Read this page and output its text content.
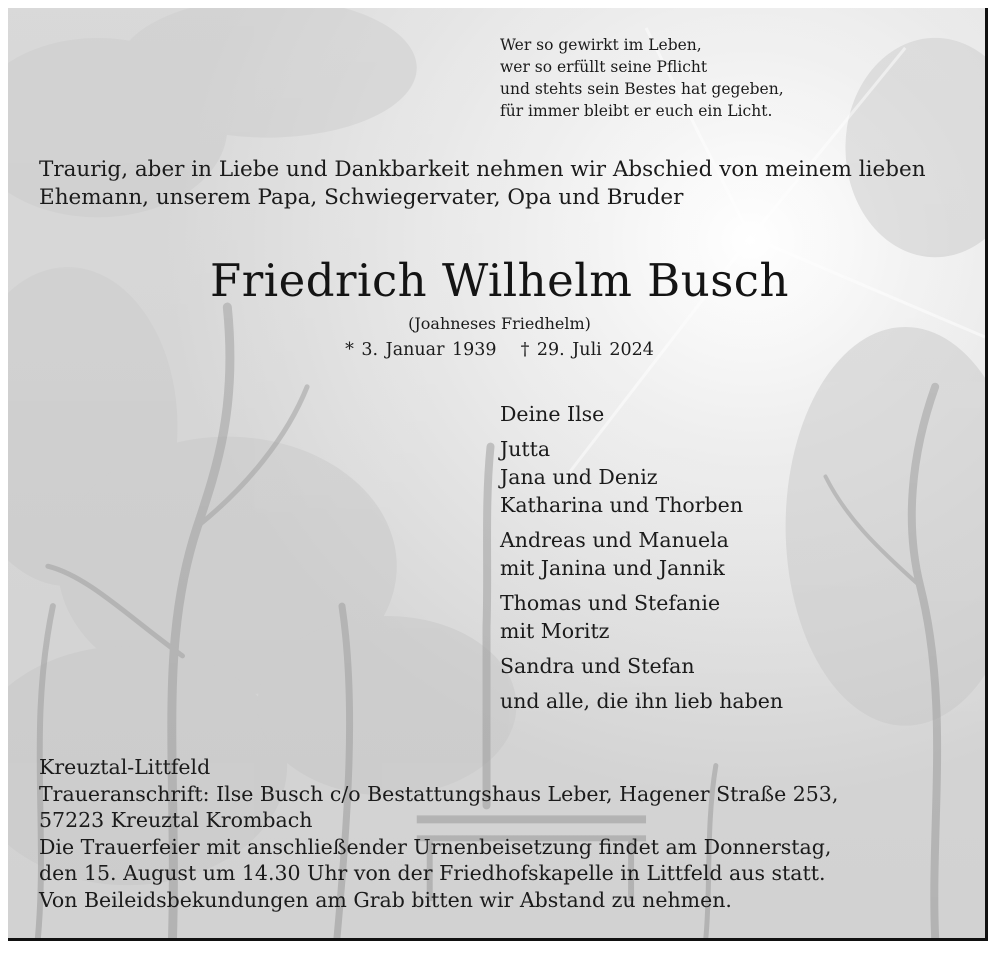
Wer so gewirkt im Leben,
wer so erfüllt seine Pflicht
und stehts sein Bestes hat gegeben,
für immer bleibt er euch ein Licht.
Traurig, aber in Liebe und Dankbarkeit nehmen wir Abschied von meinem lieben
Ehemann, unserem Papa, Schwiegervater, Opa und Bruder
Friedrich Wilhelm Busch
(Joahneses Friedhelm)
* 3. Januar 1939 † 29. Juli 2024
Deine Ilse
Jutta
Jana und Deniz
Katharina und Thorben
Andreas und Manuela
mit Janina und Jannik
Thomas und Stefanie
mit Moritz
Sandra und Stefan
und alle, die ihn lieb haben
Kreuztal-Littfeld
Traueranschrift: Ilse Busch c/o Bestattungshaus Leber, Hagener Straße 253,
57223 Kreuztal Krombach
Die Trauerfeier mit anschließender Urnenbeisetzung findet am Donnerstag,
den 15. August um 14.30 Uhr von der Friedhofskapelle in Littfeld aus statt.
Von Beileidsbekundungen am Grab bitten wir Abstand zu nehmen.
